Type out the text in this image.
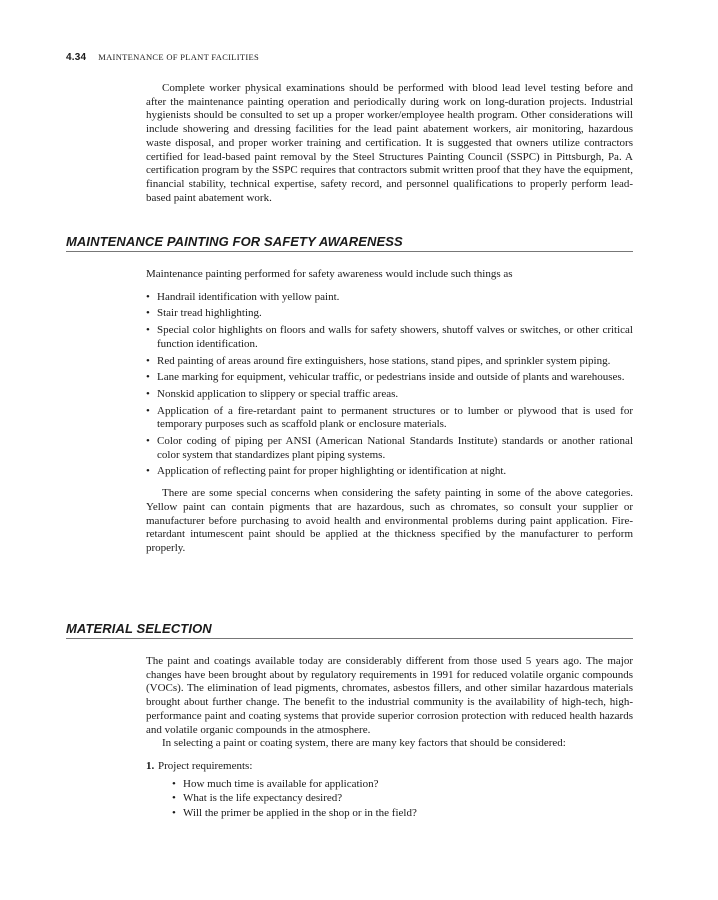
4.34 MAINTENANCE OF PLANT FACILITIES

Complete worker physical examinations should be performed with blood lead level testing before and after the maintenance painting operation and periodically during work on long-duration projects. Industrial hygienists should be consulted to set up a proper worker/employee health program. Other considerations will include showering and dressing facilities for the lead paint abatement workers, air monitoring, hazardous waste disposal, and proper worker training and certification. It is suggested that owners utilize contractors certified for lead-based paint removal by the Steel Structures Painting Council (SSPC) in Pittsburgh, Pa. A certification program by the SSPC requires that contractors submit written proof that they have the equipment, financial stability, technical expertise, safety record, and personnel qualifications to properly perform lead-based paint abatement work.

MAINTENANCE PAINTING FOR SAFETY AWARENESS

Maintenance painting performed for safety awareness would include such things as

• Handrail identification with yellow paint.
• Stair tread highlighting.
• Special color highlights on floors and walls for safety showers, shutoff valves or switches, or other critical function identification.
• Red painting of areas around fire extinguishers, hose stations, stand pipes, and sprinkler system piping.
• Lane marking for equipment, vehicular traffic, or pedestrians inside and outside of plants and warehouses.
• Nonskid application to slippery or special traffic areas.
• Application of a fire-retardant paint to permanent structures or to lumber or plywood that is used for temporary purposes such as scaffold plank or enclosure materials.
• Color coding of piping per ANSI (American National Standards Institute) standards or another rational color system that standardizes plant piping systems.
• Application of reflecting paint for proper highlighting or identification at night.

There are some special concerns when considering the safety painting in some of the above categories. Yellow paint can contain pigments that are hazardous, such as chromates, so consult your supplier or manufacturer before purchasing to avoid health and environmental problems during paint application. Fire-retardant intumescent paint should be applied at the thickness specified by the manufacturer to perform properly.

MATERIAL SELECTION

The paint and coatings available today are considerably different from those used 5 years ago. The major changes have been brought about by regulatory requirements in 1991 for reduced volatile organic compounds (VOCs). The elimination of lead pigments, chromates, asbestos fillers, and other similar hazardous materials brought about further change. The benefit to the industrial community is the availability of high-tech, high-performance paint and coating systems that provide superior corrosion protection with reduced health hazards and volatile organic compounds in the atmosphere.

In selecting a paint or coating system, there are many key factors that should be considered:

1. Project requirements:
• How much time is available for application?
• What is the life expectancy desired?
• Will the primer be applied in the shop or in the field?
